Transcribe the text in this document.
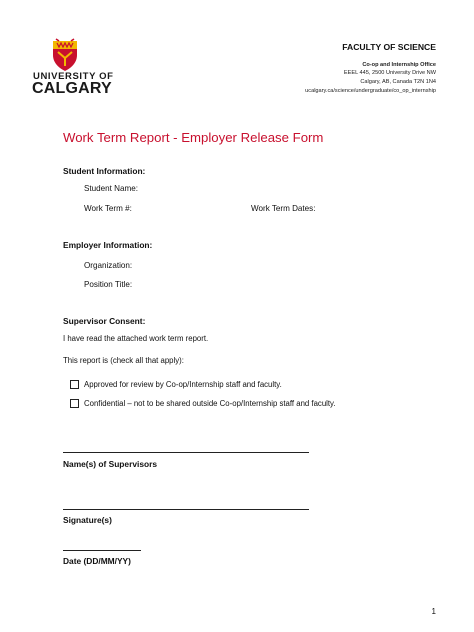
UNIVERSITY OF
CALGARY
FACULTY OF SCIENCE
Co-op and Internship Office
EEEL 445, 2500 University Drive NW
Calgary, AB, Canada T2N 1N4
ucalgary.ca/science/undergraduate/co_op_internship
Work Term Report - Employer Release Form
Student Information:
Student Name:
Work Term #:	Work Term Dates:
Employer Information:
Organization:
Position Title:
Supervisor Consent:
I have read the attached work term report.
This report is (check all that apply):
Approved for review by Co-op/Internship staff and faculty.
Confidential – not to be shared outside Co-op/Internship staff and faculty.
Name(s) of Supervisors
Signature(s)
Date (DD/MM/YY)
1
